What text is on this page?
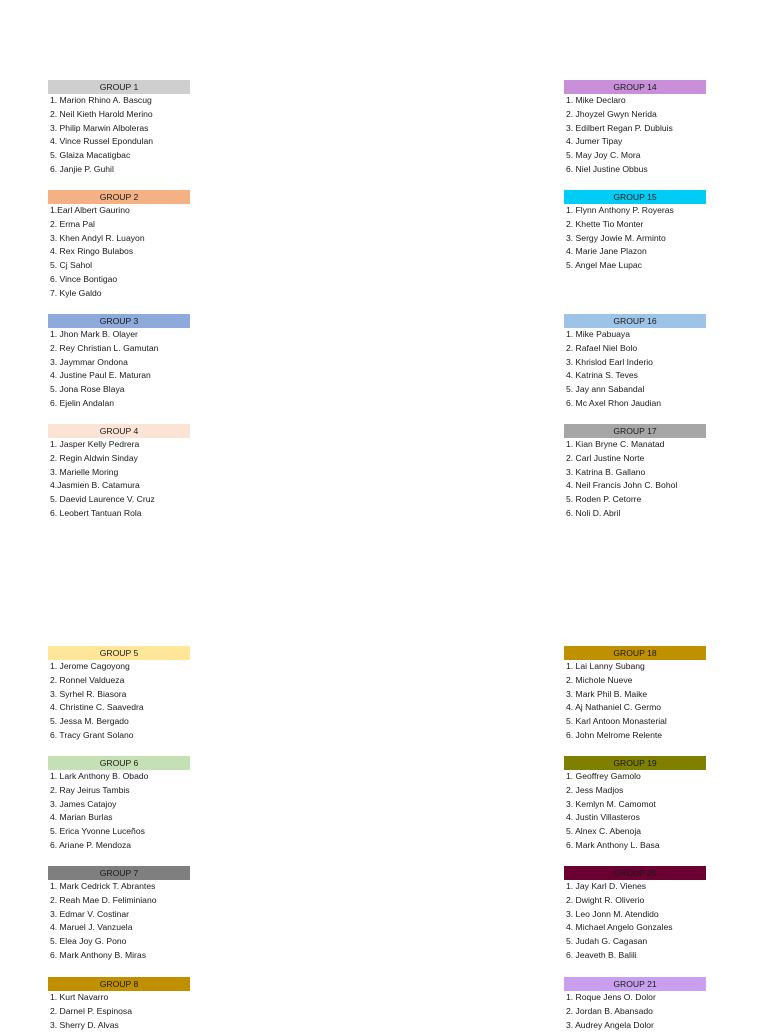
GROUP 1
1. Marion Rhino A. Bascug
2. Neil Kieth Harold Merino
3. Philip Marwin Alboleras
4. Vince Russel Epondulan
5. Glaiza Macatigbac
6. Janjie P. Guhil
GROUP 2
1.Earl Albert Gaurino
2. Erma Pal
3. Khen Andyl R. Luayon
4. Rex Ringo Bulabos
5. Cj Sahol
6. Vince Bontigao
7. Kyle Galdo
GROUP 3
1. Jhon Mark B. Olayer
2. Rey Christian L. Gamutan
3. Jaymmar Ondona
4. Justine Paul E. Maturan
5. Jona Rose Blaya
6. Ejelin Andalan
GROUP 4
1. Jasper Kelly Pedrera
2. Regin Aldwin Sinday
3. Marielle Moring
4.Jasmien B. Catamura
5. Daevid Laurence V. Cruz
6. Leobert Tantuan Rola
GROUP 5
1. Jerome Cagoyong
2. Ronnel Valdueza
3. Syrhel R. Biasora
4. Christine C. Saavedra
5. Jessa M. Bergado
6. Tracy Grant Solano
GROUP 6
1. Lark Anthony B. Obado
2. Ray Jeirus Tambis
3. James Catajoy
4. Marian Burlas
5. Erica Yvonne Luceños
6. Ariane P. Mendoza
GROUP 7
1. Mark Cedrick T. Abrantes
2. Reah Mae D. Feliminiano
3. Edmar V. Costinar
4. Maruel J. Vanzuela
5. Elea Joy G. Pono
6. Mark Anthony B. Miras
GROUP 8
1. Kurt Navarro
2. Darnel P. Espinosa
3. Sherry D. Alvas
GROUP 14
1. Mike Declaro
2. Jhoyzel Gwyn Nerida
3. Edilbert Regan P. Dubluis
4. Jumer Tipay
5. May Joy C. Mora
6. Niel Justine Obbus
GROUP 15
1. Flynn Anthony P. Royeras
2. Khette Tio Monter
3. Sergy Jowie M. Arminto
4. Marie Jane Plazon
5. Angel Mae Lupac
GROUP 16
1. Mike Pabuaya
2. Rafael Niel Bolo
3. Khrislod Earl Inderio
4. Katrina S. Teves
5. Jay ann Sabandal
6. Mc Axel Rhon Jaudian
GROUP 17
1. Kian Bryne C. Manatad
2. Carl Justine Norte
3. Katrina B. Gallano
4. Neil Francis John C. Bohol
5. Roden P. Cetorre
6. Noli D. Abril
GROUP 18
1. Lai Lanny Subang
2. Michole Nueve
3. Mark Phil B. Maike
4. Aj Nathaniel C. Germo
5. Karl Antoon Monasterial
6. John Melrome Relente
GROUP 19
1. Geoffrey Gamolo
2. Jess Madjos
3. Kemlyn M. Camomot
4. Justin Villasteros
5. Alnex C. Abenoja
6. Mark Anthony L. Basa
GROUP 20
1. Jay Karl D. Vienes
2. Dwight R. Oliverio
3. Leo Jonn M. Atendido
4. Michael Angelo Gonzales
5. Judah G. Cagasan
6. Jeaveth B. Balili
GROUP 21
1. Roque Jens O. Dolor
2. Jordan B. Abansado
3. Audrey Angela Dolor
